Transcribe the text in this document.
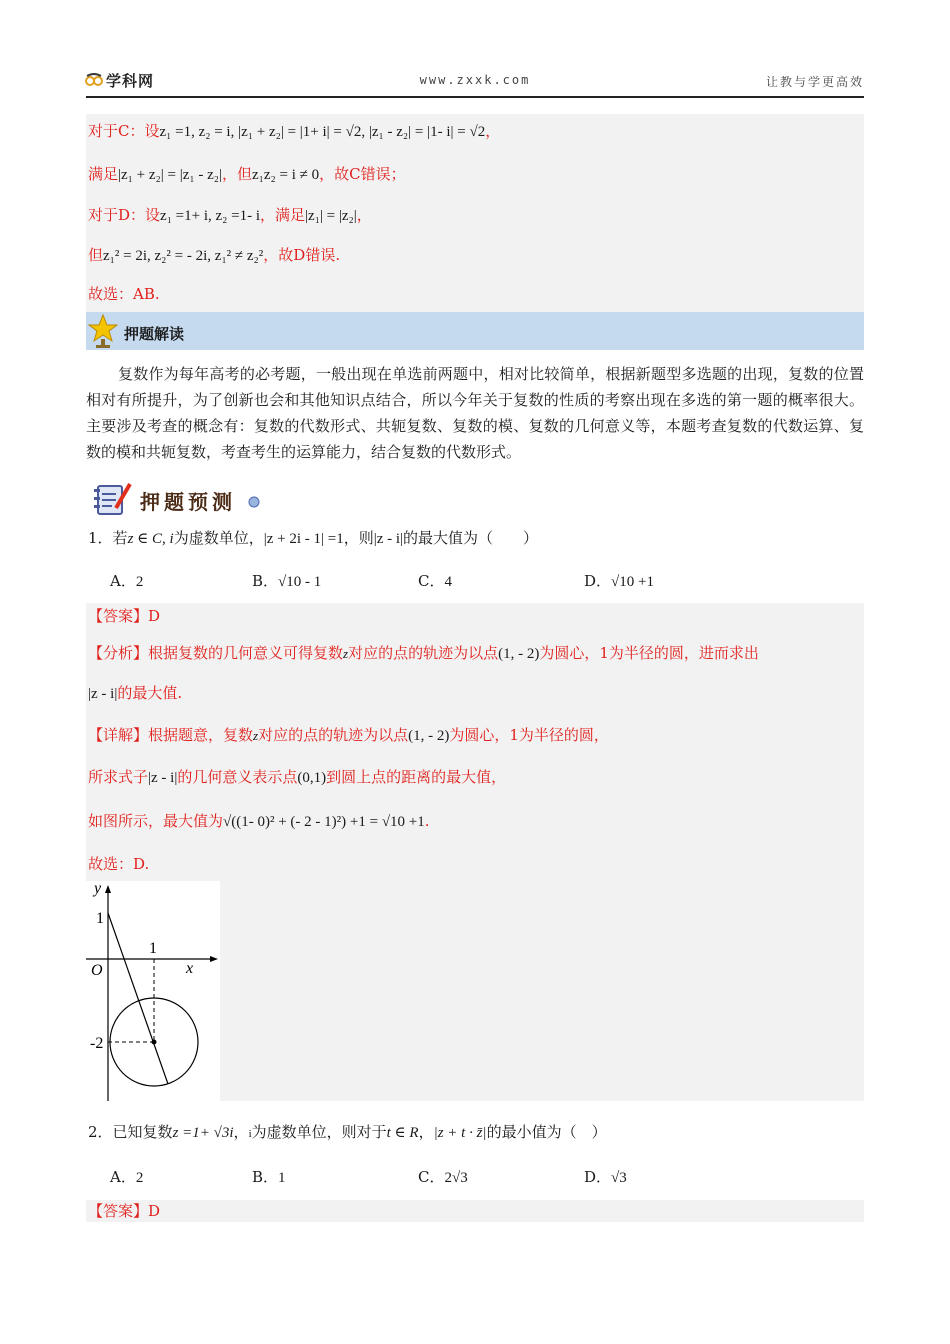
学科网	www.zxxk.com	让教与学更高效
对于C：设z₁ =1, z₂ = i, |z₁ + z₂| = |1+ i| = √2, |z₁ - z₂| = |1- i| = √2，
满足|z₁ + z₂| = |z₁ - z₂|，但z₁z₂ = i ≠ 0，故C错误；
对于D：设z₁ =1+ i, z₂ =1- i，满足|z₁| = |z₂|，
但z₁² = 2i, z₂² = - 2i, z₁² ≠ z₂²，故D错误.
故选：AB.
押题解读
复数作为每年高考的必考题，一般出现在单选前两题中，相对比较简单，根据新题型多选题的出现，复数的位置相对有所提升，为了创新也会和其他知识点结合，所以今年关于复数的性质的考察出现在多选的第一题的概率很大。主要涉及考查的概念有：复数的代数形式、共轭复数、复数的模、复数的几何意义等，本题考查复数的代数运算、复数的模和共轭复数，考查考生的运算能力，结合复数的代数形式。
押题预测
1．若z ∈ C, i为虚数单位，|z + 2i - 1| =1，则|z - i|的最大值为（　　）
A．2	B．√10 - 1	C．4	D．√10 +1
【答案】D
【分析】根据复数的几何意义可得复数z对应的点的轨迹为以点(1, - 2)为圆心，1为半径的圆，进而求出
|z - i|的最大值.
【详解】根据题意，复数z对应的点的轨迹为以点(1, - 2)为圆心，1为半径的圆，
所求式子|z - i|的几何意义表示点(0,1)到圆上点的距离的最大值，
如图所示，最大值为√((1- 0)² + (- 2 - 1)²) +1 = √10 +1.
故选：D.
x
y
O
1
1
-2
2．已知复数z =1+ √3i，i为虚数单位，则对于t ∈ R，|z + t · z̄|的最小值为（　）
A．2	B．1	C．2√3	D．√3
【答案】D
